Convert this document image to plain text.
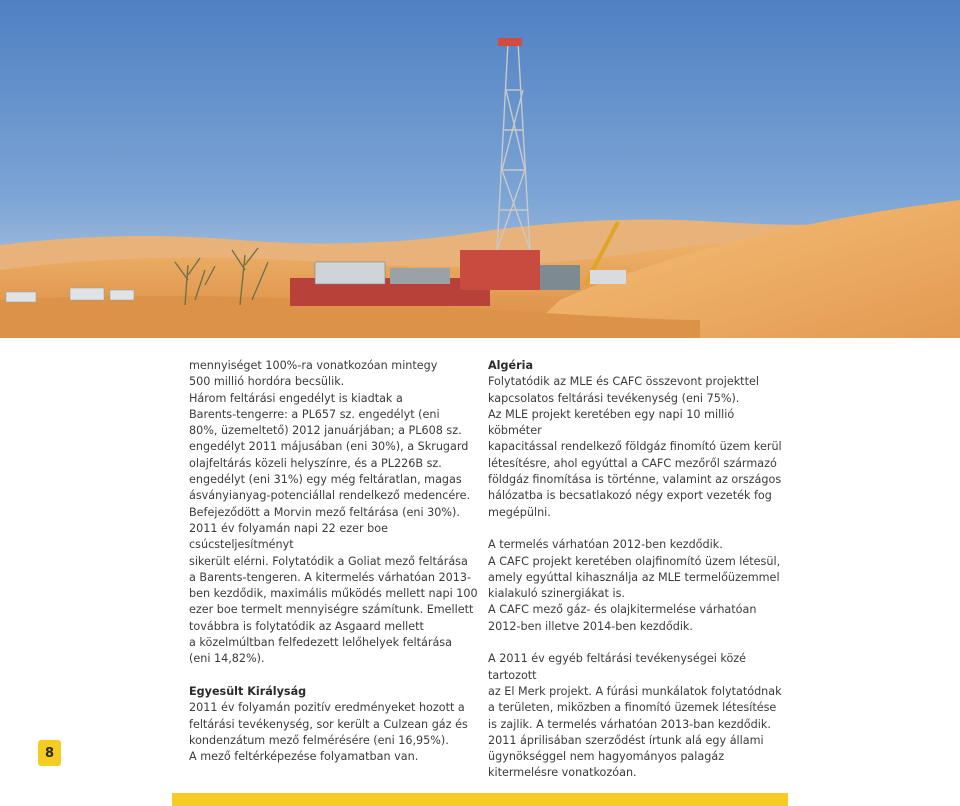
mennyiséget 100%-ra vonatkozóan mintegy

500 millió hordóra becsülik.

Három feltárási engedélyt is kiadtak a

Barents-tengerre: a PL657 sz. engedélyt (eni

80%, üzemeltető) 2012 januárjában; a PL608 sz.

engedélyt 2011 májusában (eni 30%), a Skrugard

olajfeltárás közeli helyszínre, és a PL226B sz.

engedélyt (eni 31%) egy még feltáratlan, magas

ásványianyag-potenciállal rendelkező medencére.

Befejeződött a Morvin mező feltárása (eni 30%).

2011 év folyamán napi 22 ezer boe csúcsteljesítményt

sikerült elérni. Folytatódik a Goliat mező feltárása

a Barents-tengeren. A kitermelés várhatóan 2013-

ben kezdődik, maximális működés mellett napi 100

ezer boe termelt mennyiségre számítunk. Emellett

továbbra is folytatódik az Asgaard mellett

a közelmúltban felfedezett lelőhelyek feltárása

(eni 14,82%).

Egyesült Királyság

2011 év folyamán pozitív eredményeket hozott a

feltárási tevékenység, sor került a Culzean gáz és

kondenzátum mező felmérésére (eni 16,95%).

A mező feltérképezése folyamatban van.

Algéria

Folytatódik az MLE és CAFC összevont projekttel

kapcsolatos feltárási tevékenység (eni 75%).

Az MLE projekt keretében egy napi 10 millió köbméter

kapacitással rendelkező földgáz finomító üzem kerül

létesítésre, ahol egyúttal a CAFC mezőről származó

földgáz finomítása is történne, valamint az országos

hálózatba is becsatlakozó négy export vezeték fog

megépülni.

A termelés várhatóan 2012-ben kezdődik.

A CAFC projekt keretében olajfinomító üzem létesül,

amely egyúttal kihasználja az MLE termelőüzemmel

kialakuló szinergiákat is.

A CAFC mező gáz- és olajkitermelése várhatóan

2012-ben illetve 2014-ben kezdődik.

A 2011 év egyéb feltárási tevékenységei közé tartozott

az El Merk projekt. A fúrási munkálatok folytatódnak

a területen, miközben a finomító üzemek létesítése

is zajlik. A termelés várhatóan 2013-ban kezdődik.

2011 áprilisában szerződést írtunk alá egy állami

ügynökséggel nem hagyományos palagáz

kitermelésre vonatkozóan.

8
